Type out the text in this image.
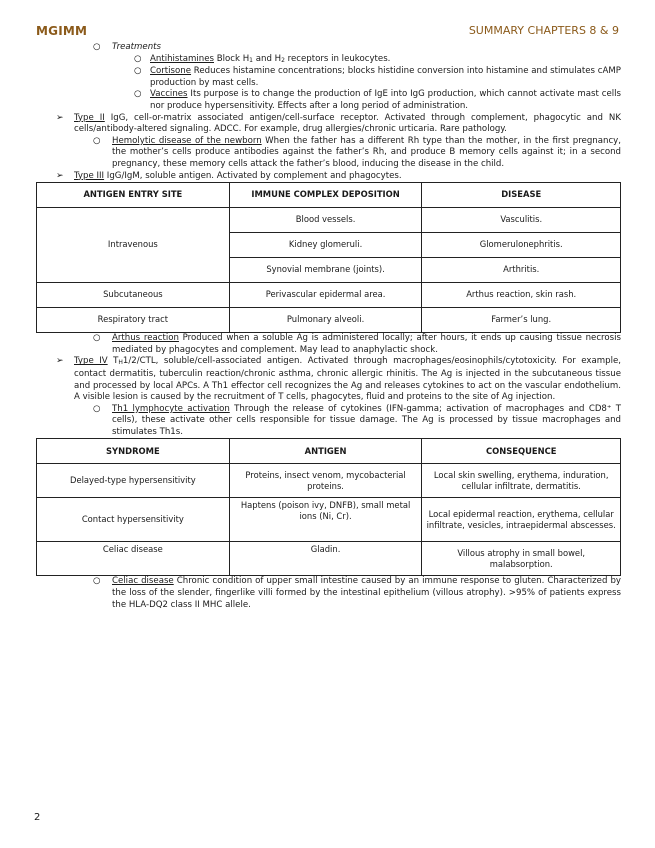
MGIMM	SUMMARY CHAPTERS 8 & 9
○ Treatments

○ Antihistamines Block $H_1$ and $H_2$ receptors in leukocytes.

○ Cortisone Reduces histamine concentrations; blocks histidine conversion into histamine and stimulates cAMP production by mast cells.

○ Vaccines Its purpose is to change the production of IgE into IgG production, which cannot activate mast cells nor produce hypersensitivity. Effects after a long period of administration.

➢ Type II IgG, cell-or-matrix associated antigen/cell-surface receptor. Activated through complement, phagocytic and NK cells/antibody-altered signaling. ADCC. For example, drug allergies/chronic urticaria. Rare pathology.

○ Hemolytic disease of the newborn When the father has a different Rh type than the mother, in the first pregnancy, the mother’s cells produce antibodies against the father’s Rh, and produce B memory cells against it; in a second pregnancy, these memory cells attack the father’s blood, inducing the disease in the child.

➢ Type III IgG/IgM, soluble antigen. Activated by complement and phagocytes.

ANTIGEN ENTRY SITE	IMMUNE COMPLEX DEPOSITION	DISEASE
Intravenous	Blood vessels.	Vasculitis.
	Kidney glomeruli.	Glomerulonephritis.
	Synovial membrane (joints).	Arthritis.
Subcutaneous	Perivascular epidermal area.	Arthus reaction, skin rash.
Respiratory tract	Pulmonary alveoli.	Farmer’s lung.
○ Arthus reaction Produced when a soluble Ag is administered locally; after hours, it ends up causing tissue necrosis mediated by phagocytes and complement. May lead to anaphylactic shock.

➢ Type IV $T_H1/2$/CTL, soluble/cell-associated antigen. Activated through macrophages/eosinophils/cytotoxicity. For example, contact dermatitis, tuberculin reaction/chronic asthma, chronic allergic rhinitis. The Ag is injected in the subcutaneous tissue and processed by local APCs. A Th1 effector cell recognizes the Ag and releases cytokines to act on the vascular endothelium. A visible lesion is caused by the recruitment of T cells, phagocytes, fluid and proteins to the site of Ag injection.

○ Th1 lymphocyte activation Through the release of cytokines (IFN-gamma; activation of macrophages and CD8⁺ T cells), these activate other cells responsible for tissue damage. The Ag is processed by tissue macrophages and stimulates Th1s.

SYNDROME	ANTIGEN	CONSEQUENCE
Delayed-type hypersensitivity	Proteins, insect venom, mycobacterial proteins.	Local skin swelling, erythema, induration, cellular infiltrate, dermatitis.
Contact hypersensitivity	Haptens (poison ivy, DNFB), small metal ions (Ni, Cr).	Local epidermal reaction, erythema, cellular infiltrate, vesicles, intraepidermal abscesses.
Celiac disease	Gladin.	Villous atrophy in small bowel, malabsorption.
○ Celiac disease Chronic condition of upper small intestine caused by an immune response to gluten. Characterized by the loss of the slender, fingerlike villi formed by the intestinal epithelium (villous atrophy). >95% of patients express the HLA-DQ2 class II MHC allele.

2
